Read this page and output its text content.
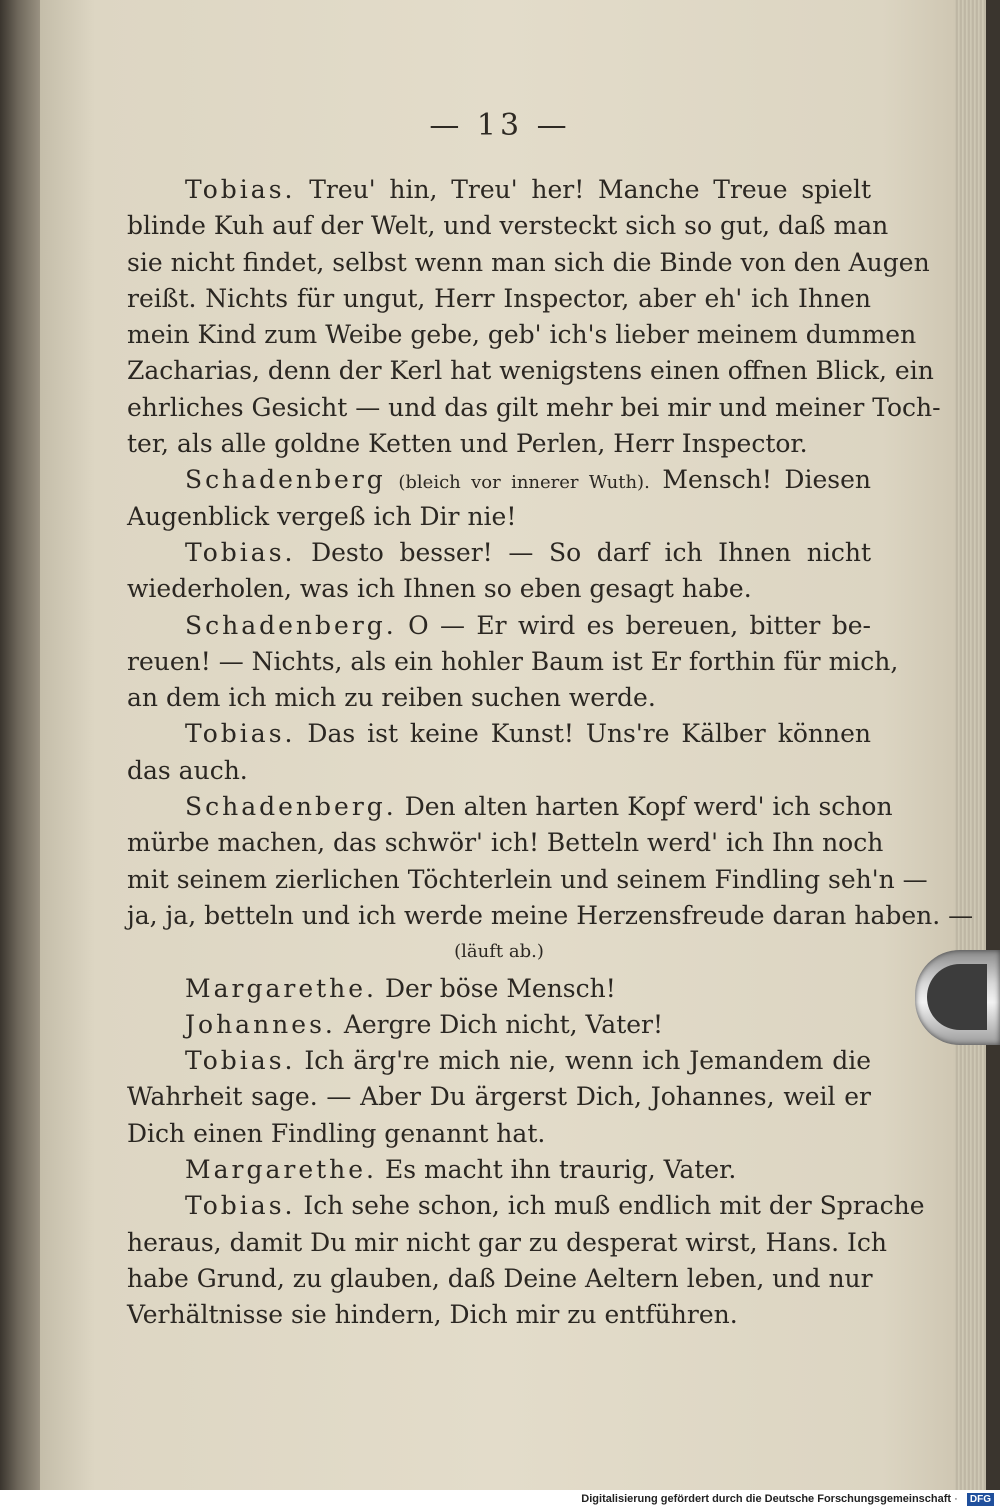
— 13 —
Tobias. Treu' hin, Treu' her! Manche Treue spielt
blinde Kuh auf der Welt, und versteckt sich so gut, daß man
sie nicht findet, selbst wenn man sich die Binde von den Augen
reißt. Nichts für ungut, Herr Inspector, aber eh' ich Ihnen
mein Kind zum Weibe gebe, geb' ich's lieber meinem dummen
Zacharias, denn der Kerl hat wenigstens einen offnen Blick, ein
ehrliches Gesicht — und das gilt mehr bei mir und meiner Toch-
ter, als alle goldne Ketten und Perlen, Herr Inspector.
Schadenberg (bleich vor innerer Wuth). Mensch! Diesen
Augenblick vergeß ich Dir nie!
Tobias. Desto besser! — So darf ich Ihnen nicht
wiederholen, was ich Ihnen so eben gesagt habe.
Schadenberg. O — Er wird es bereuen, bitter be-
reuen! — Nichts, als ein hohler Baum ist Er forthin für mich,
an dem ich mich zu reiben suchen werde.
Tobias. Das ist keine Kunst! Uns're Kälber können
das auch.
Schadenberg. Den alten harten Kopf werd' ich schon
mürbe machen, das schwör' ich! Betteln werd' ich Ihn noch
mit seinem zierlichen Töchterlein und seinem Findling seh'n —
ja, ja, betteln und ich werde meine Herzensfreude daran haben. —
(läuft ab.)
Margarethe. Der böse Mensch!
Johannes. Aergre Dich nicht, Vater!
Tobias. Ich ärg're mich nie, wenn ich Jemandem die
Wahrheit sage. — Aber Du ärgerst Dich, Johannes, weil er
Dich einen Findling genannt hat.
Margarethe. Es macht ihn traurig, Vater.
Tobias. Ich sehe schon, ich muß endlich mit der Sprache
heraus, damit Du mir nicht gar zu desperat wirst, Hans. Ich
habe Grund, zu glauben, daß Deine Aeltern leben, und nur
Verhältnisse sie hindern, Dich mir zu entführen.
Digitalisierung gefördert durch die Deutsche Forschungsgemeinschaft · DFG
